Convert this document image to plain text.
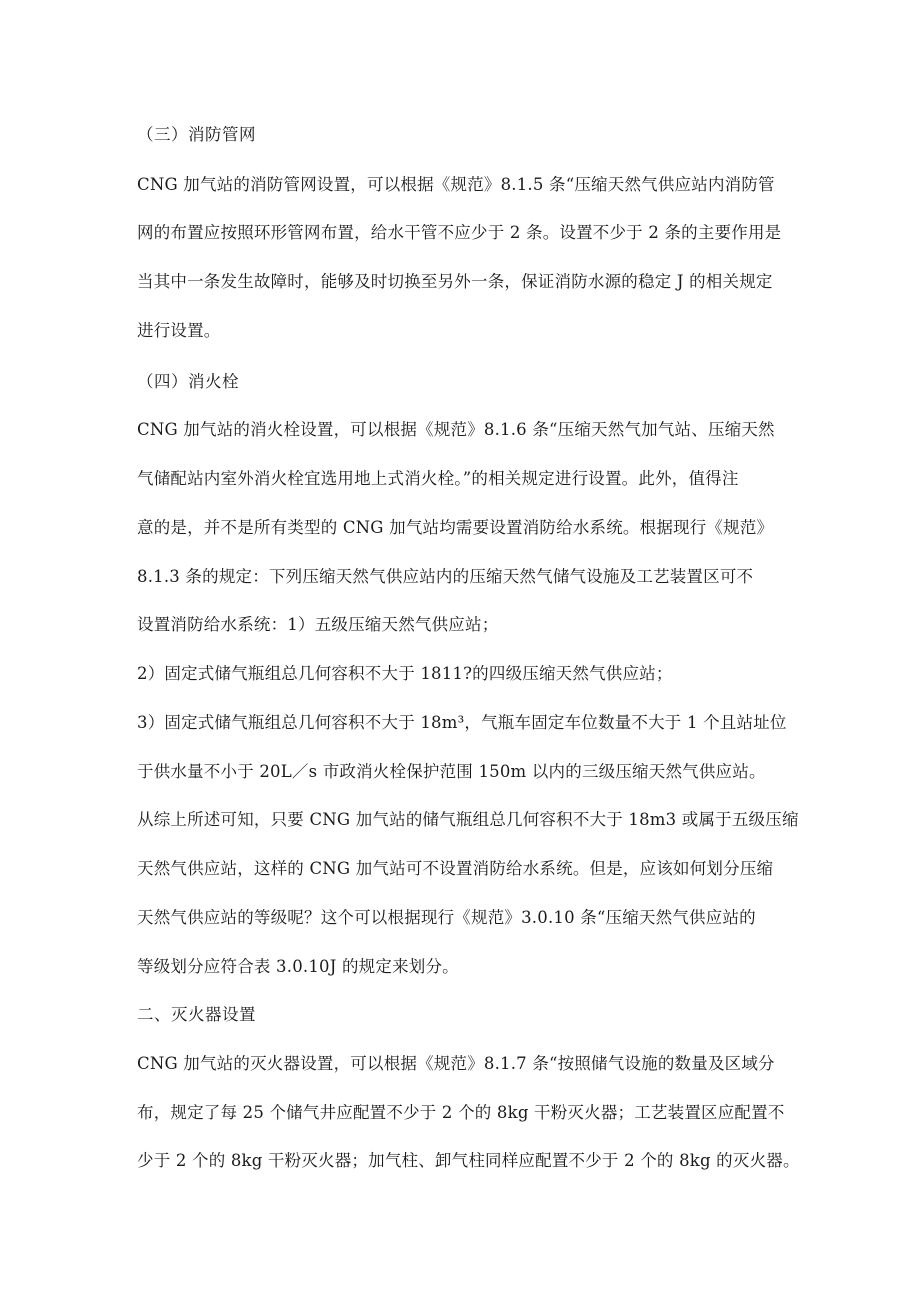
（三）消防管网
CNG 加气站的消防管网设置，可以根据《规范》8.1.5 条“压缩天然气供应站内消防管
网的布置应按照环形管网布置，给水干管不应少于 2 条。设置不少于 2 条的主要作用是
当其中一条发生故障时，能够及时切换至另外一条，保证消防水源的稳定 J 的相关规定
进行设置。
（四）消火栓
CNG 加气站的消火栓设置，可以根据《规范》8.1.6 条“压缩天然气加气站、压缩天然
气储配站内室外消火栓宜选用地上式消火栓。”的相关规定进行设置。此外，值得注
意的是，并不是所有类型的 CNG 加气站均需要设置消防给水系统。根据现行《规范》
8.1.3 条的规定：下列压缩天然气供应站内的压缩天然气储气设施及工艺装置区可不
设置消防给水系统：1）五级压缩天然气供应站；
2）固定式储气瓶组总几何容积不大于 1811?的四级压缩天然气供应站；
3）固定式储气瓶组总几何容积不大于 18m³，气瓶车固定车位数量不大于 1 个且站址位
于供水量不小于 20L／s 市政消火栓保护范围 150m 以内的三级压缩天然气供应站。
从综上所述可知，只要 CNG 加气站的储气瓶组总几何容积不大于 18m3 或属于五级压缩
天然气供应站，这样的 CNG 加气站可不设置消防给水系统。但是，应该如何划分压缩
天然气供应站的等级呢？这个可以根据现行《规范》3.0.10 条“压缩天然气供应站的
等级划分应符合表 3.0.10J 的规定来划分。
二、灭火器设置
CNG 加气站的灭火器设置，可以根据《规范》8.1.7 条“按照储气设施的数量及区域分
布，规定了每 25 个储气井应配置不少于 2 个的 8kg 干粉灭火器；工艺装置区应配置不
少于 2 个的 8kg 干粉灭火器；加气柱、卸气柱同样应配置不少于 2 个的 8kg 的灭火器。
